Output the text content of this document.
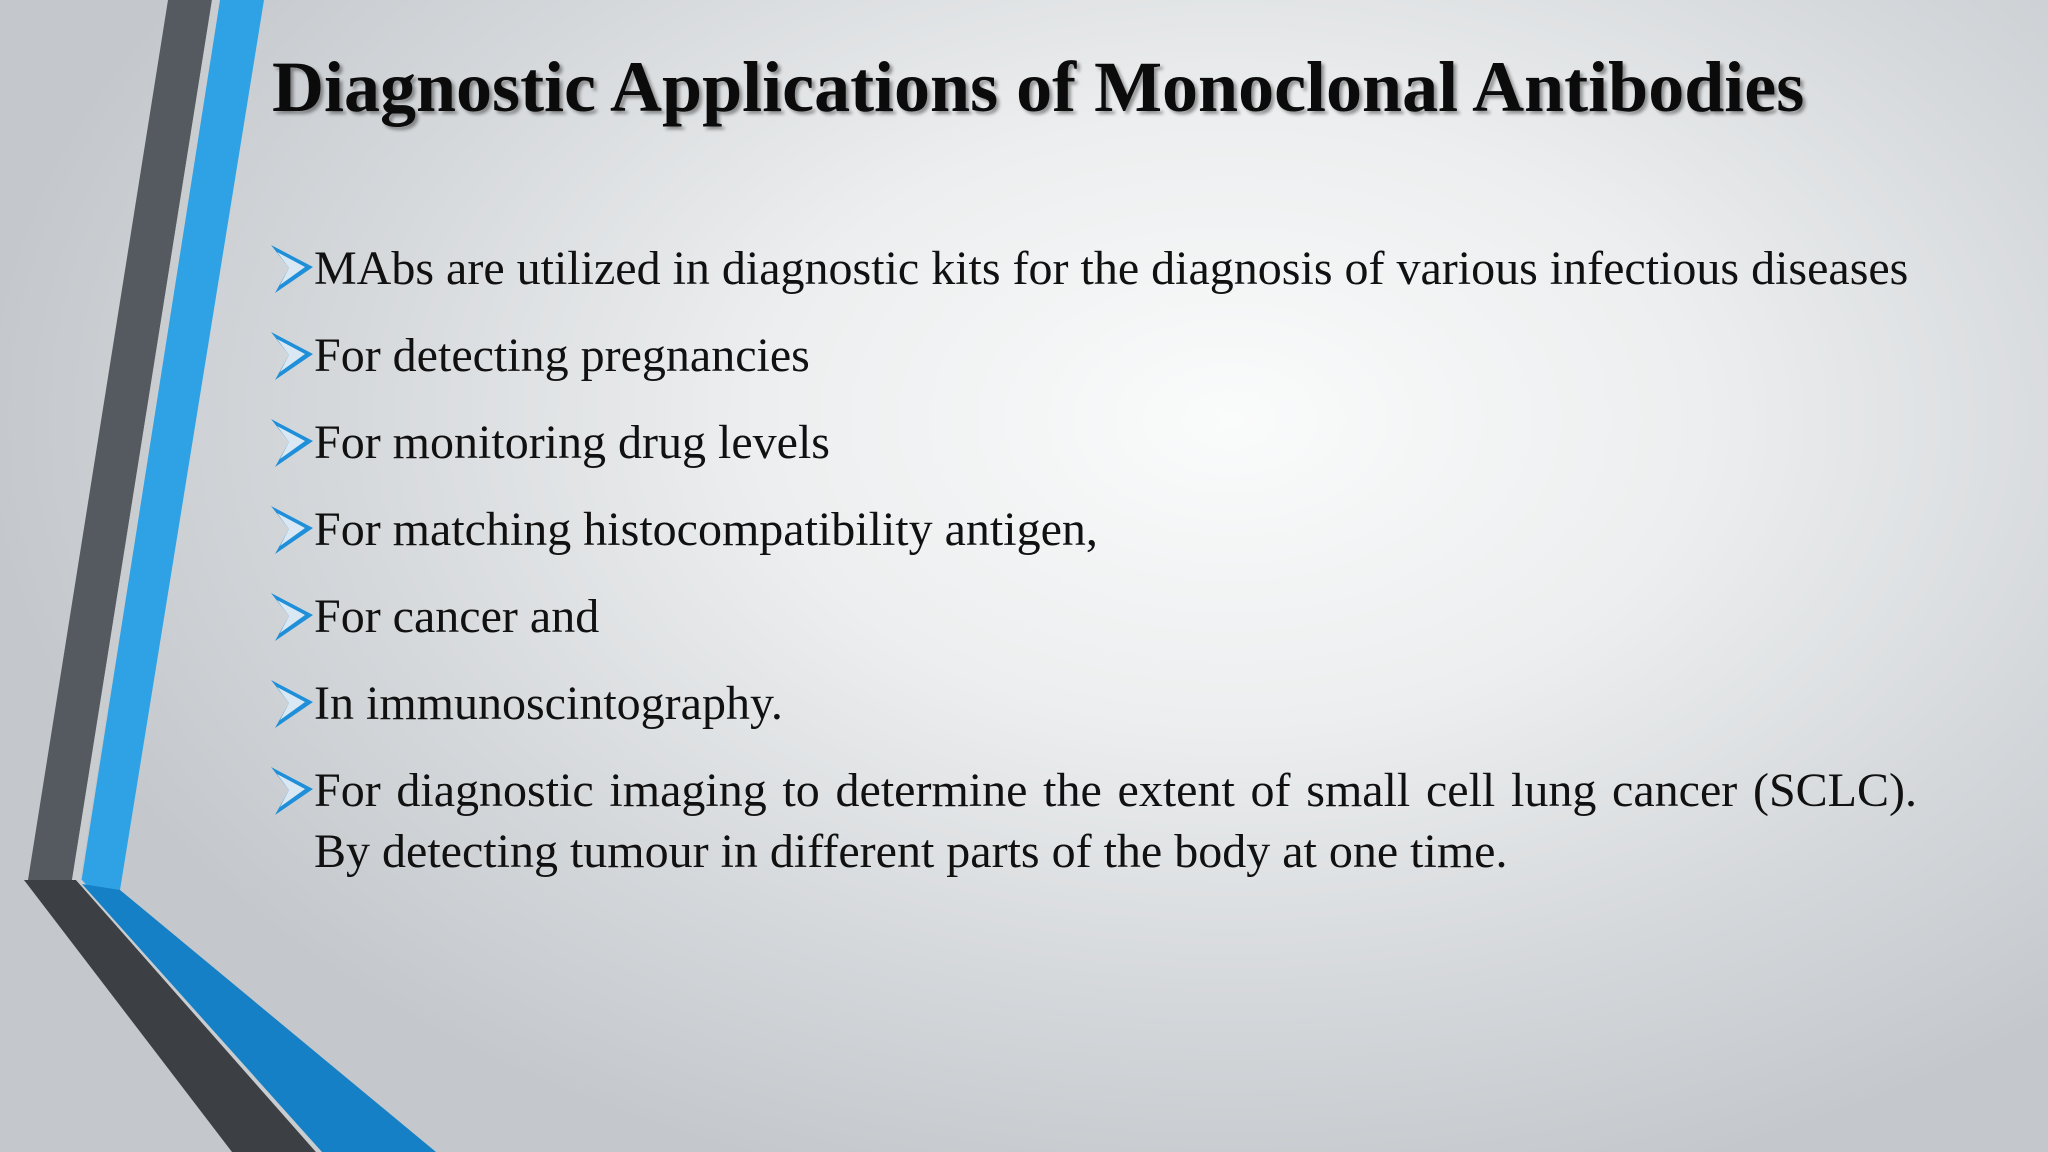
Diagnostic Applications of Monoclonal Antibodies
MAbs are utilized in diagnostic kits for the diagnosis of various infectious diseases
For detecting pregnancies
For monitoring drug levels
For matching histocompatibility antigen,
For cancer and
In immunoscintography.
For diagnostic imaging to determine the extent of small cell lung cancer (SCLC). By detecting tumour in different parts of the body at one time.
